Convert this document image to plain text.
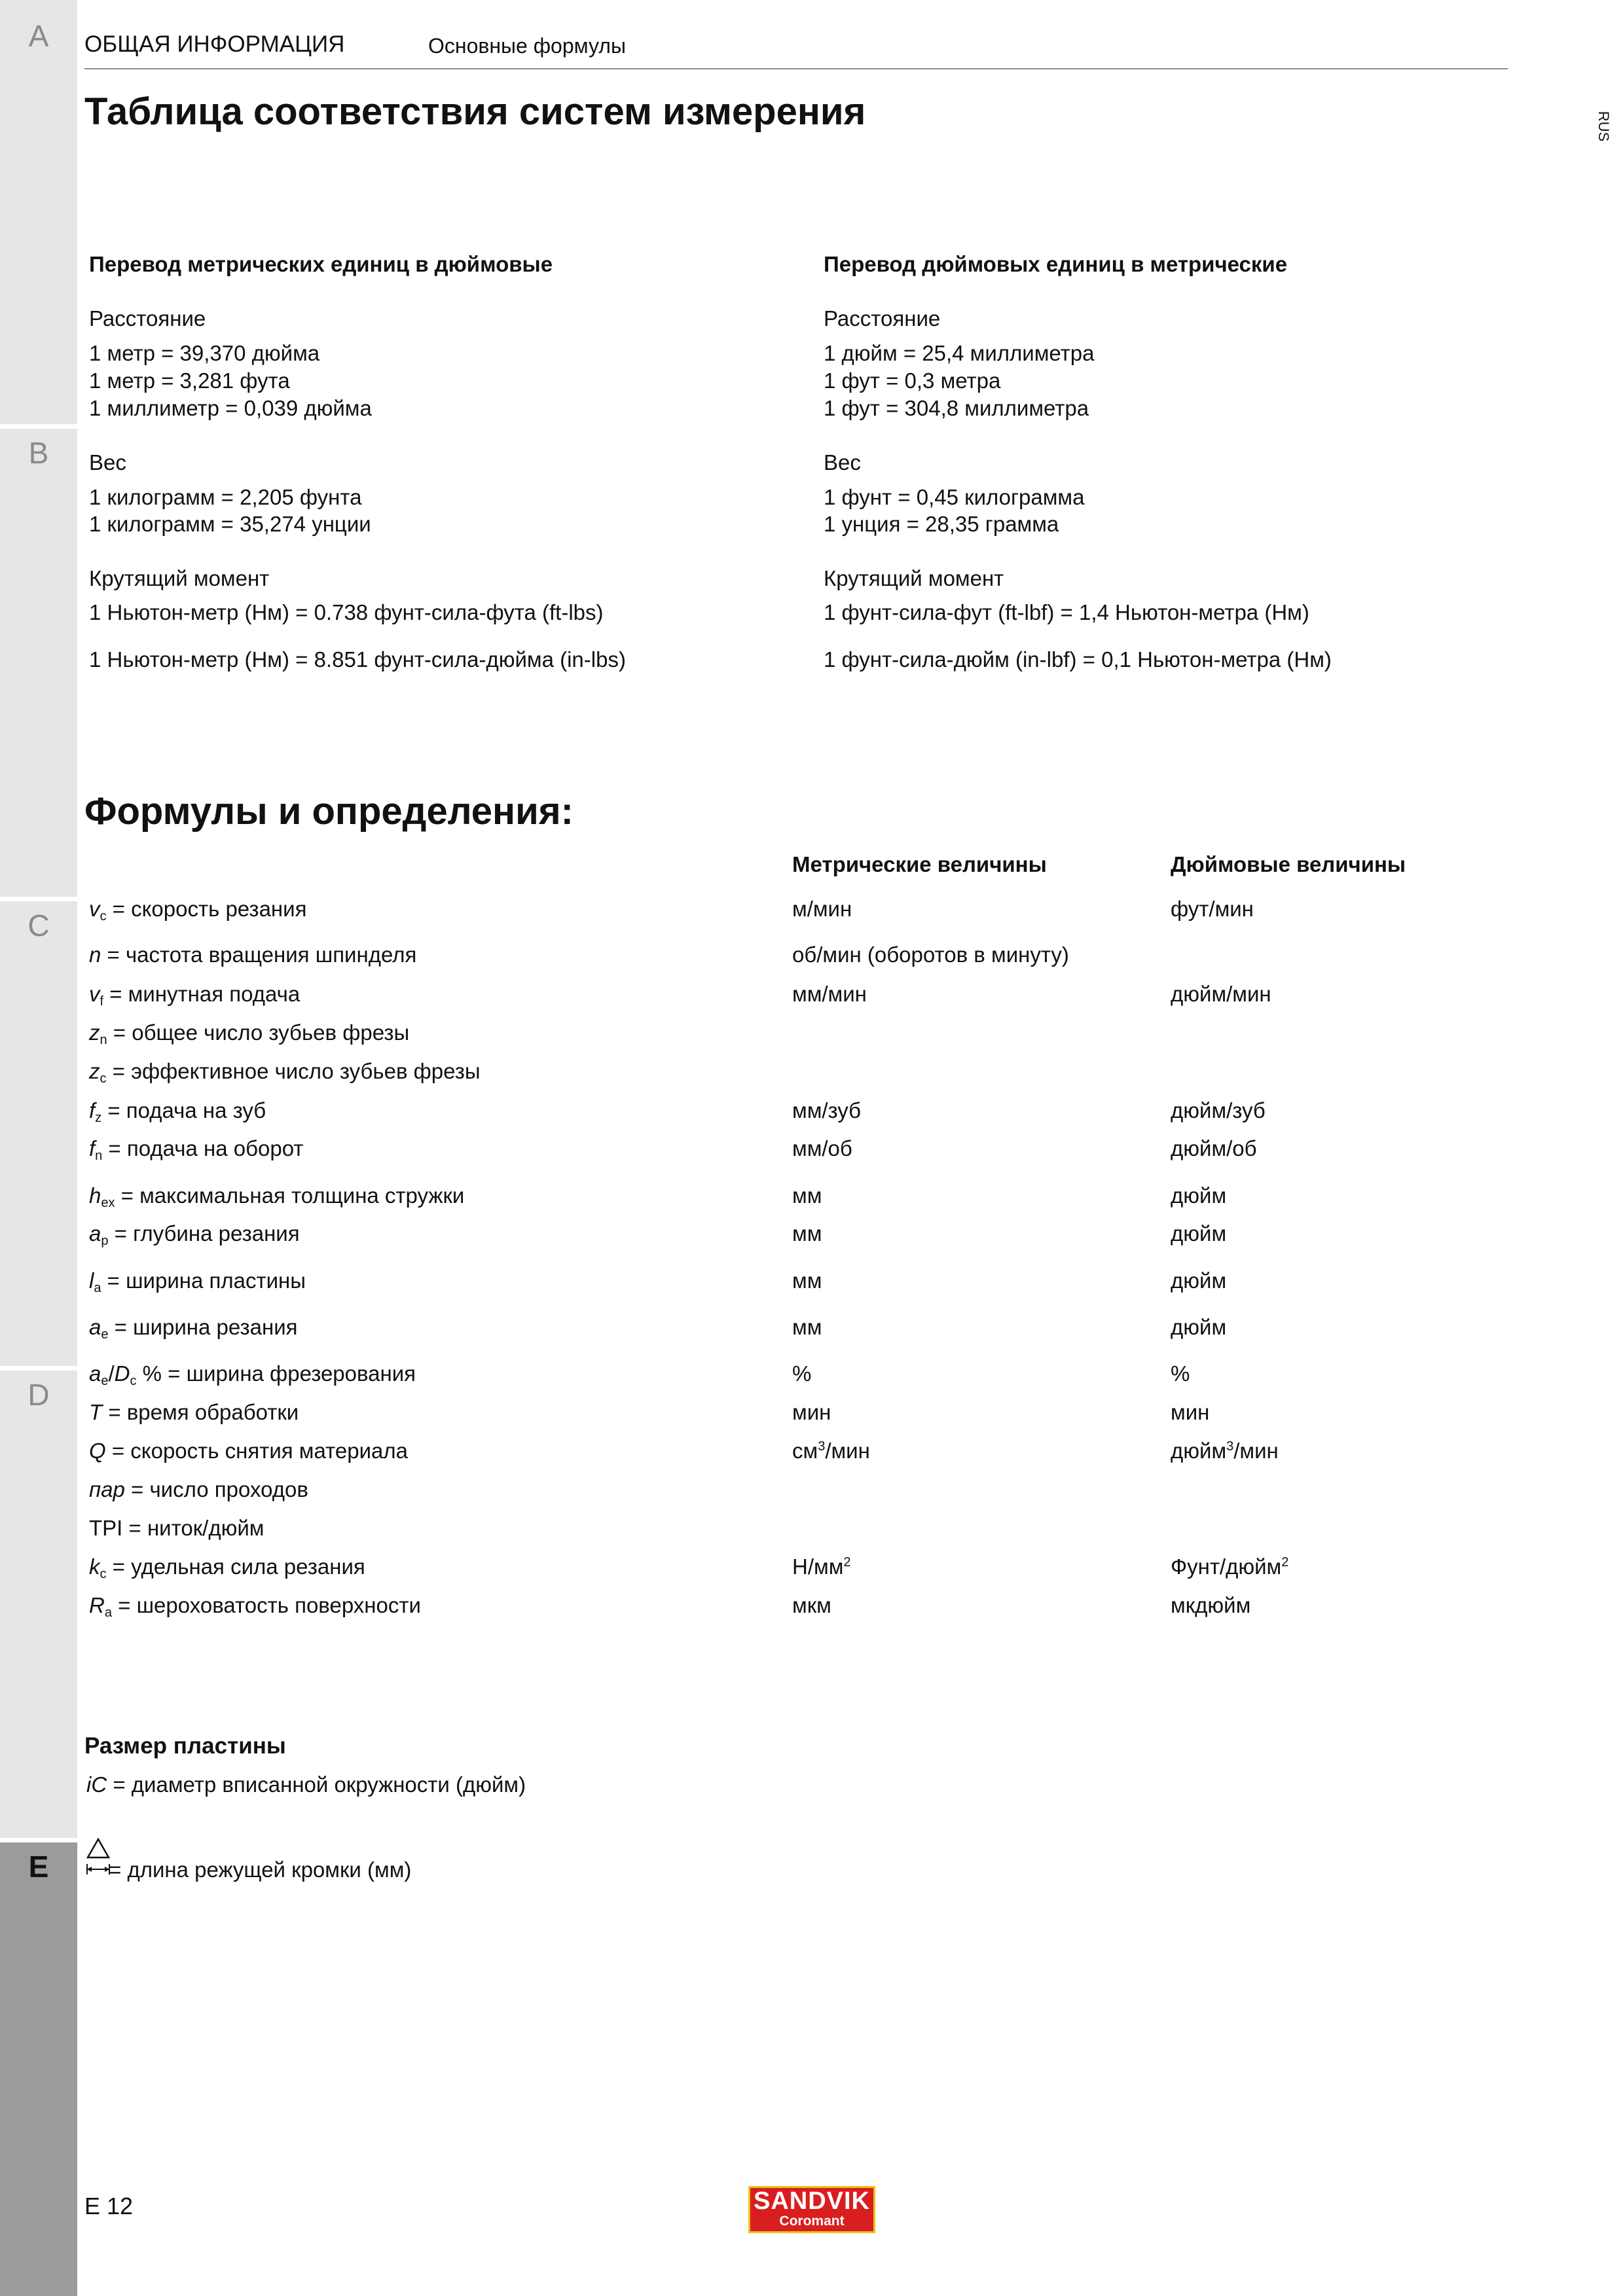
A
B
C
D
E
ОБЩАЯ ИНФОРМАЦИЯ	Основные формулы
RUS
Таблица соответствия систем измерения
Перевод метрических единиц в дюймовые	Перевод дюймовых единиц в метрические
Расстояние	Расстояние
1 метр = 39,370 дюйма
1 метр = 3,281 фута
1 миллиметр = 0,039 дюйма
1 дюйм = 25,4 миллиметра
1 фут = 0,3 метра
1 фут = 304,8 миллиметра
Вес	Вес
1 килограмм = 2,205 фунта
1 килограмм = 35,274 унции
1 фунт = 0,45 килограмма
1 унция = 28,35 грамма
Крутящий момент	Крутящий момент
1 Ньютон-метр (Нм) = 0.738 фунт-сила-фута (ft-lbs)
1 Ньютон-метр (Нм) = 8.851 фунт-сила-дюйма (in-lbs)
1 фунт-сила-фут (ft-lbf) = 1,4 Ньютон-метра (Нм)
1 фунт-сила-дюйм (in-lbf) = 0,1 Ньютон-метра (Нм)
Формулы и определения:
Метрические величины	Дюймовые величины
$v_c$ = скорость резания	м/мин	фут/мин
n = частота вращения шпинделя	об/мин (оборотов в минуту)
$v_f$ = минутная подача	мм/мин	дюйм/мин
$z_n$ = общее число зубьев фрезы
$z_c$ = эффективное число зубьев фрезы
$f_z$ = подача на зуб	мм/зуб	дюйм/зуб
$f_n$ = подача на оборот	мм/об	дюйм/об
$h_{ex}$ = максимальная толщина стружки	мм	дюйм
$a_p$ = глубина резания	мм	дюйм
$l_a$ = ширина пластины	мм	дюйм
$a_e$ = ширина резания	мм	дюйм
$a_e/D_c$ % = ширина фрезерования	%	%
T = время обработки	мин	мин
Q = скорость снятия материала	$см^3$/мин	дюйм$^3$/мин
пар = число проходов
TPI = ниток/дюйм
$k_c$ = удельная сила резания	$Н/мм^2$	Фунт/дюйм$^2$
$R_a$ = шероховатость поверхности	мкм	мкдюйм
Размер пластины
iC = диаметр вписанной окружности (дюйм)
= длина режущей кромки (мм)
E 12	SANDVIK
Coromant
